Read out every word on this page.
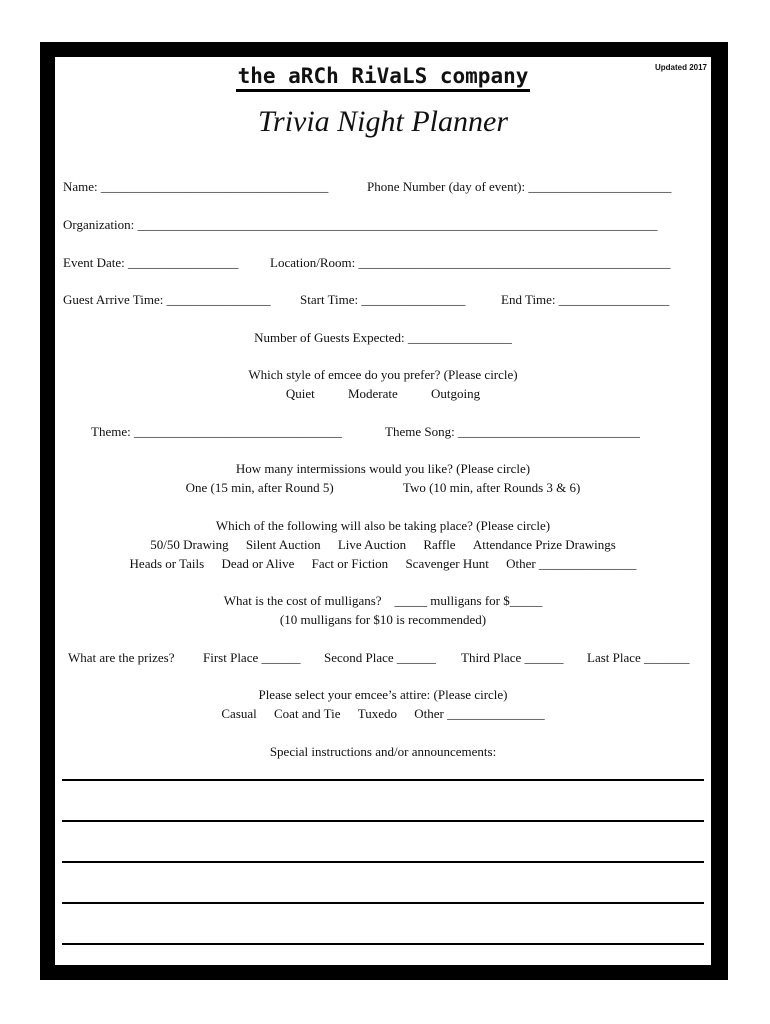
Updated 2017
the aRCh RiVaLS company
Trivia Night Planner
Name: ___________________________________	Phone Number (day of event): ______________________
Organization: ________________________________________________________________________________
Event Date: _________________ Location/Room: ________________________________________________
Guest Arrive Time: ________________ Start Time: ________________	End Time: _________________
Number of Guests Expected: ________________
Which style of emcee do you prefer? (Please circle)
Quiet	Moderate	Outgoing
Theme: ________________________________	Theme Song: ____________________________
How many intermissions would you like? (Please circle)
One (15 min, after Round 5)	Two (10 min, after Rounds 3 & 6)
Which of the following will also be taking place? (Please circle)
50/50 Drawing Silent Auction Live Auction Raffle Attendance Prize Drawings
Heads or Tails Dead or Alive Fact or Fiction Scavenger Hunt Other _______________
What is the cost of mulligans?    _____ mulligans for $_____
(10 mulligans for $10 is recommended)
What are the prizes? First Place ______ Second Place ______ Third Place ______ Last Place _______
Please select your emcee’s attire: (Please circle)
Casual Coat and Tie Tuxedo Other _______________
Special instructions and/or announcements:
